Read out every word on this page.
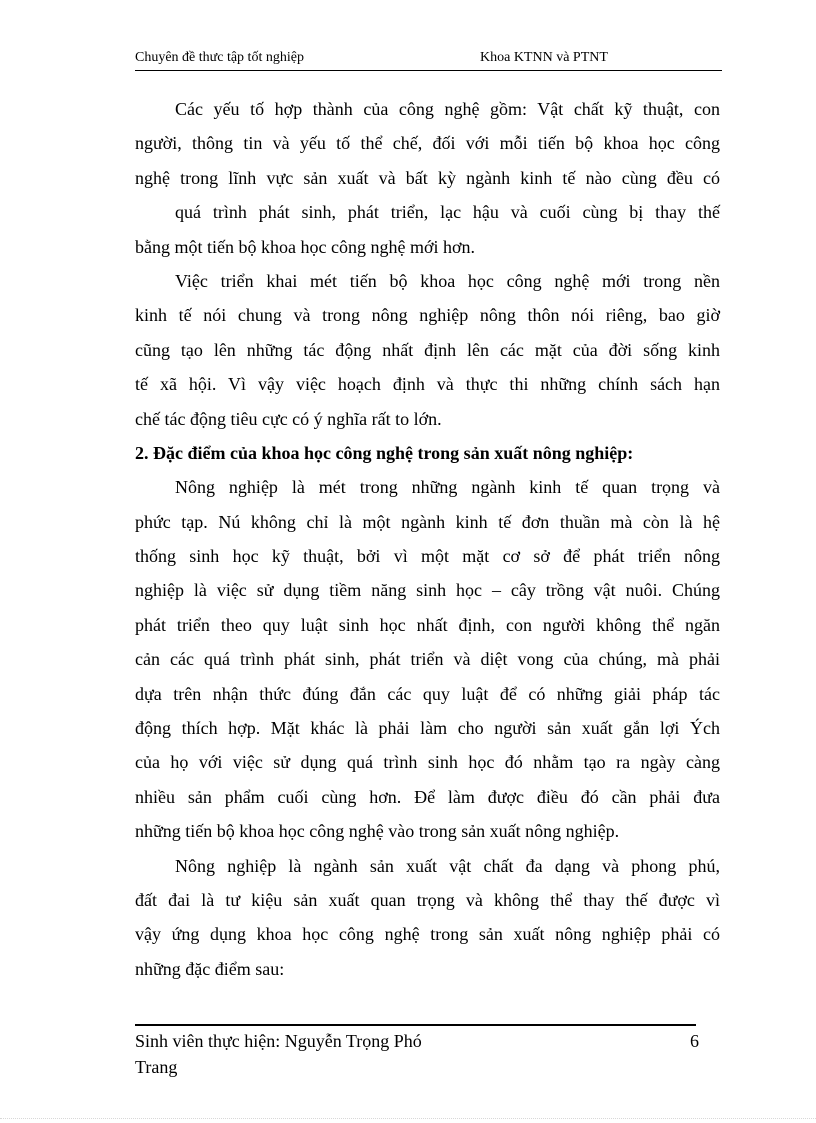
Chuyên đề thưc tập tốt nghiệp	Khoa KTNN và PTNT
Các yếu tố hợp thành của công nghệ gồm: Vật chất kỹ thuật, con
người, thông tin và yếu tố thể chế, đối với mỗi tiến bộ khoa học công
nghệ trong lĩnh vực sản xuất và bất kỳ ngành kinh tế nào cùng đều có
quá trình phát sinh, phát triển, lạc hậu và cuối cùng bị thay thế
bằng một tiến bộ khoa học công nghệ mới hơn.
Việc triển khai mét tiến bộ khoa học công nghệ mới trong nền
kinh tế nói chung và trong nông nghiệp nông thôn nói riêng, bao giờ
cũng tạo lên những tác động nhất định lên các mặt của đời sống kinh
tế xã hội. Vì vậy việc hoạch định và thực thi những chính sách hạn
chế tác động tiêu cực có ý nghĩa rất to lớn.
2. Đặc điểm của khoa học công nghệ trong sản xuất nông nghiệp:
Nông nghiệp là mét trong những ngành kinh tế quan trọng và
phức tạp. Nú không chỉ là một ngành kinh tế đơn thuần mà còn là hệ
thống sinh học kỹ thuật, bởi vì một mặt cơ sở để phát triển nông
nghiệp là việc sử dụng tiềm năng sinh học – cây trồng vật nuôi. Chúng
phát triển theo quy luật sinh học nhất định, con người không thể ngăn
cản các quá trình phát sinh, phát triển và diệt vong của chúng, mà phải
dựa trên nhận thức đúng đắn các quy luật để có những giải pháp tác
động thích hợp. Mặt khác là phải làm cho người sản xuất gắn lợi Ých
của họ với việc sử dụng quá trình sinh học đó nhằm tạo ra ngày càng
nhiều sản phẩm cuối cùng hơn. Để làm được điều đó cần phải đưa
những tiến bộ khoa học công nghệ vào trong sản xuất nông nghiệp.
Nông nghiệp là ngành sản xuất vật chất đa dạng và phong phú,
đất đai là tư kiệu sản xuất quan trọng và không thể thay thế được vì
vậy ứng dụng khoa học công nghệ trong sản xuất nông nghiệp phải có
những đặc điểm sau:
Sinh viên thực hiện: Nguyễn Trọng Phó
Trang
6
